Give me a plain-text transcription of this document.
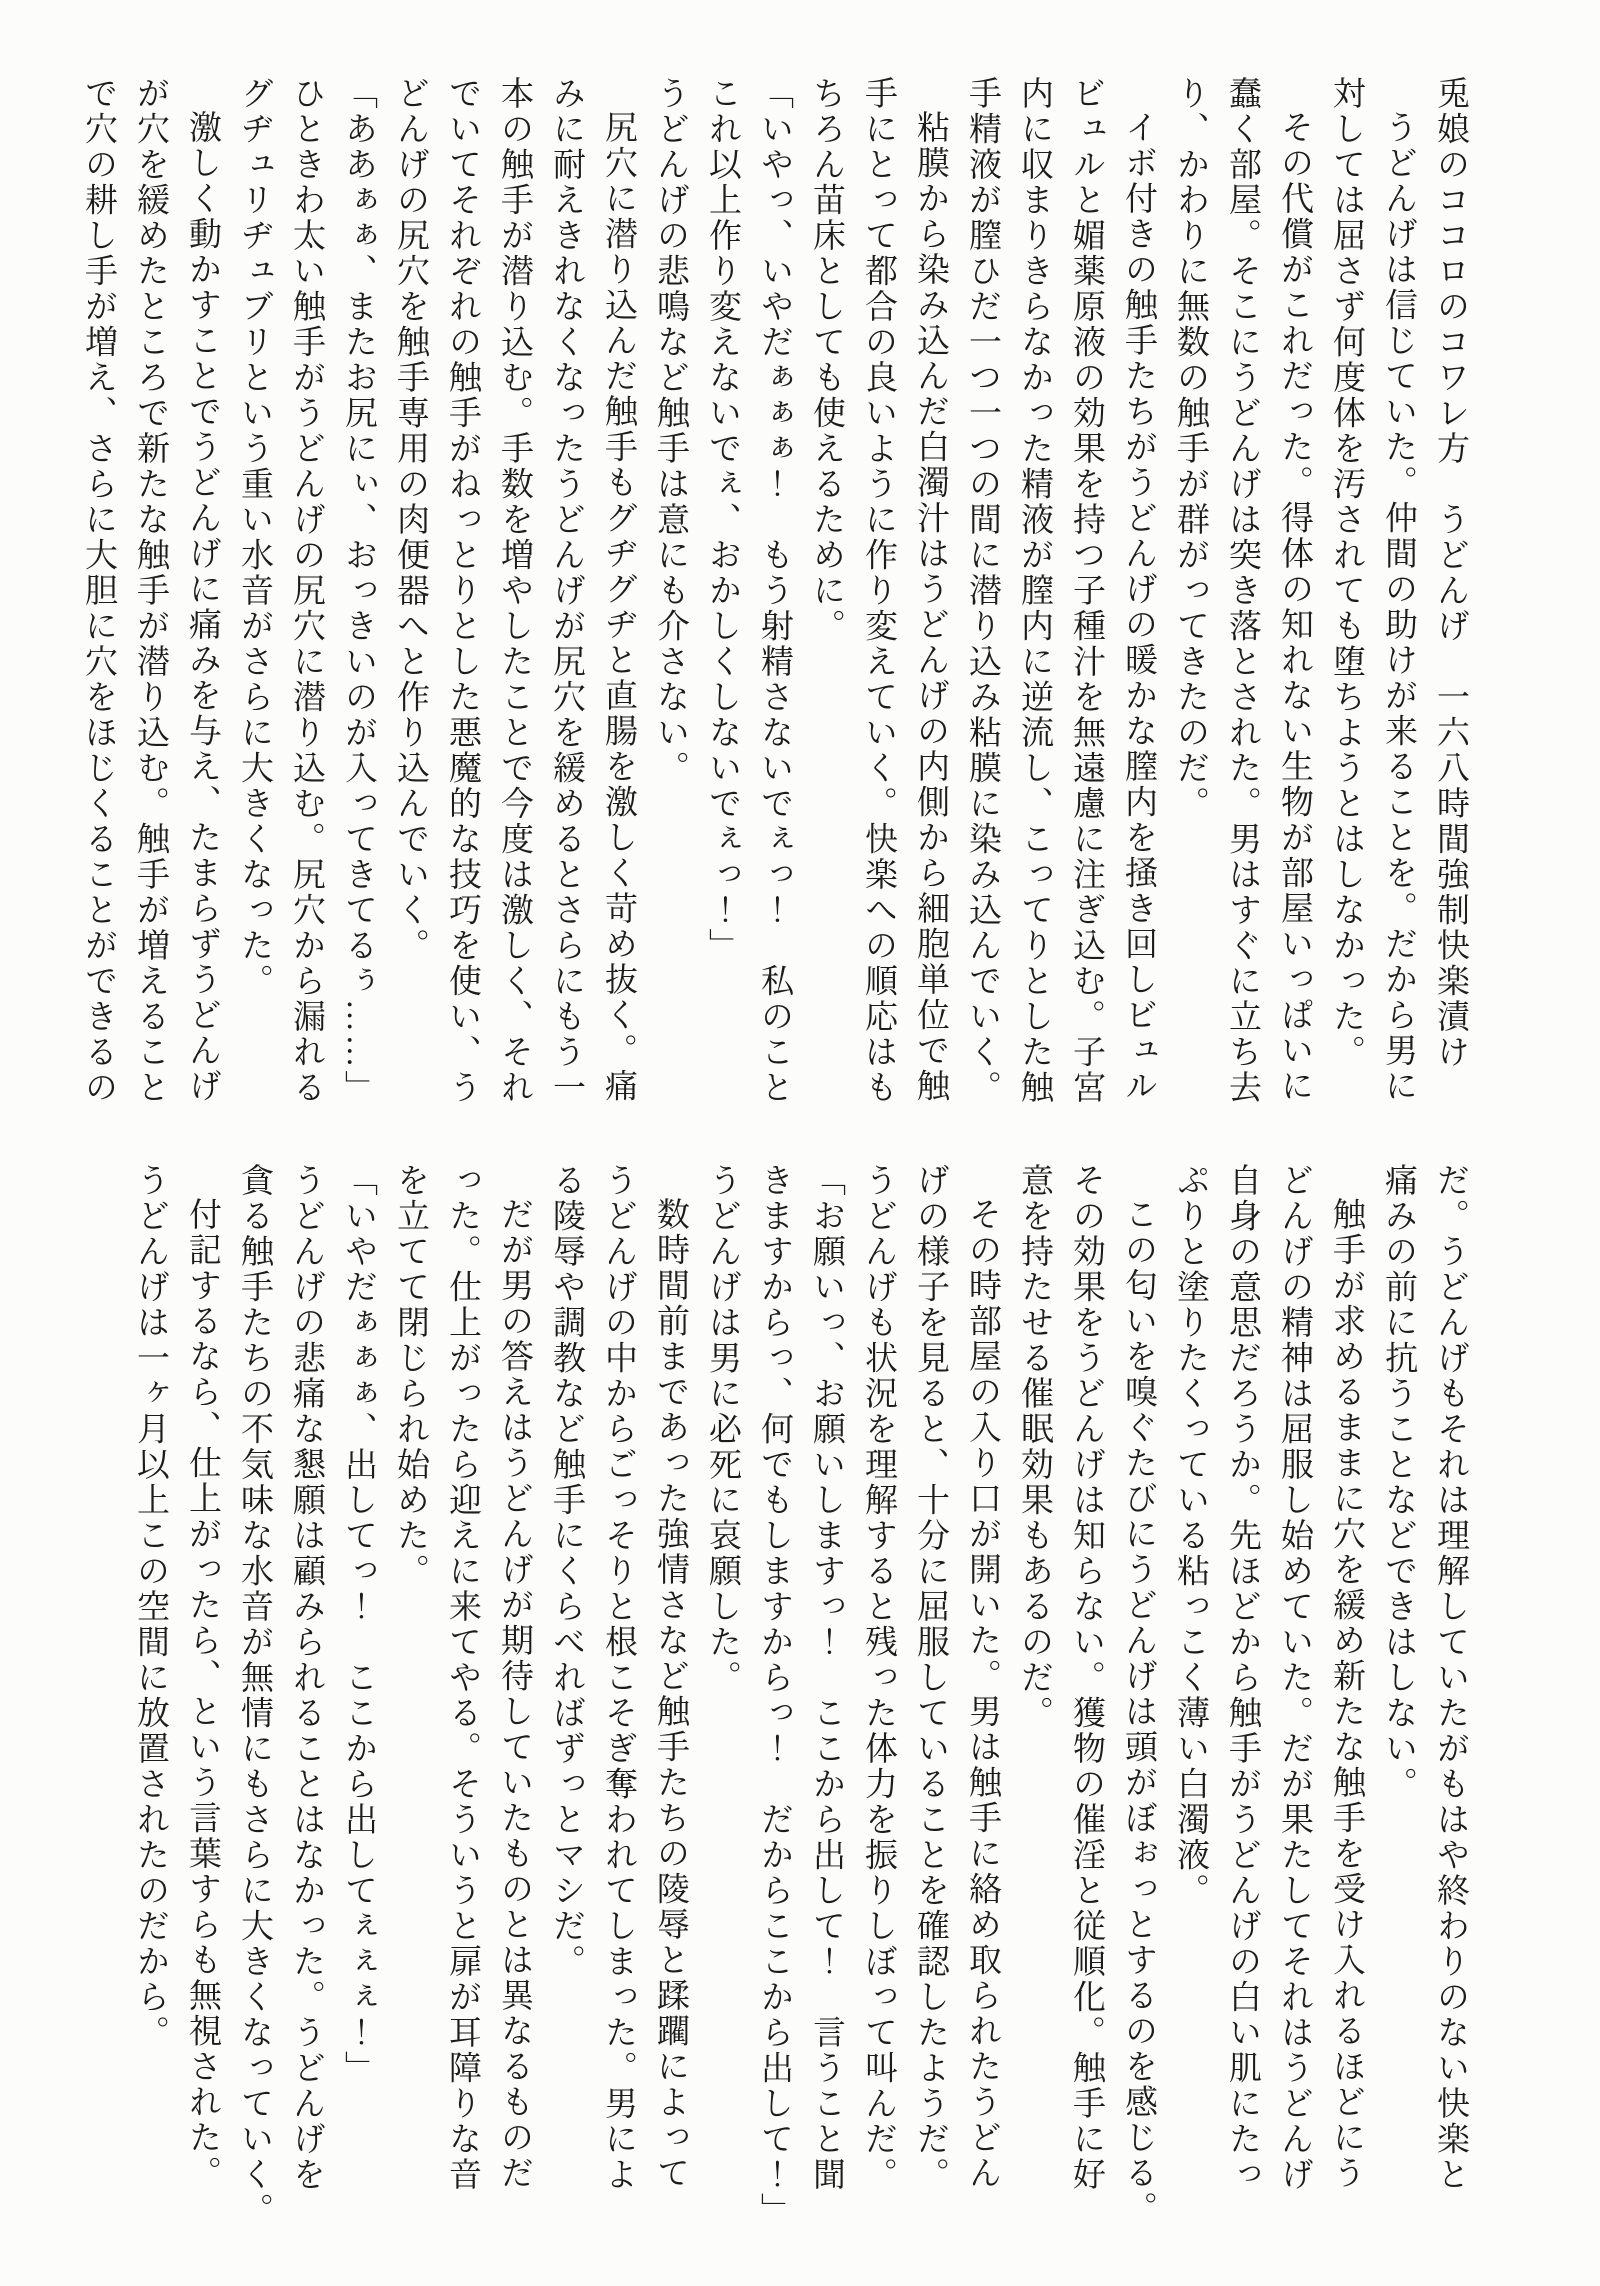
兎娘のココロのコワレ方　うどんげ　一六八時間強制快楽漬け
うどんげは信じていた。仲間の助けが来ることを。だから男に
対しては屈さず何度体を汚されても堕ちようとはしなかった。
その代償がこれだった。得体の知れない生物が部屋いっぱいに
蠢く部屋。そこにうどんげは突き落とされた。男はすぐに立ち去
り、かわりに無数の触手が群がってきたのだ。
イボ付きの触手たちがうどんげの暖かな膣内を掻き回しビュル
ビュルと媚薬原液の効果を持つ子種汁を無遠慮に注ぎ込む。子宮
内に収まりきらなかった精液が膣内に逆流し、こってりとした触
手精液が膣ひだ一つ一つの間に潜り込み粘膜に染み込んでいく。
粘膜から染み込んだ白濁汁はうどんげの内側から細胞単位で触
手にとって都合の良いように作り変えていく。快楽への順応はも
ちろん苗床としても使えるために。
「いやっ、いやだぁぁぁ！　もう射精さないでぇっ！　私のこと
これ以上作り変えないでぇ、おかしくしないでぇっ！」
うどんげの悲鳴など触手は意にも介さない。
尻穴に潜り込んだ触手もグヂグヂと直腸を激しく苛め抜く。痛
みに耐えきれなくなったうどんげが尻穴を緩めるとさらにもう一
本の触手が潜り込む。手数を増やしたことで今度は激しく、それ
でいてそれぞれの触手がねっとりとした悪魔的な技巧を使い、う
どんげの尻穴を触手専用の肉便器へと作り込んでいく。
「ああぁぁ、またお尻にぃ、おっきいのが入ってきてるぅ……」
ひときわ太い触手がうどんげの尻穴に潜り込む。尻穴から漏れる
グヂュリヂュブリという重い水音がさらに大きくなった。
激しく動かすことでうどんげに痛みを与え、たまらずうどんげ
が穴を緩めたところで新たな触手が潜り込む。触手が増えること
で穴の耕し手が増え、さらに大胆に穴をほじくることができるの
だ。うどんげもそれは理解していたがもはや終わりのない快楽と
痛みの前に抗うことなどできはしない。
触手が求めるままに穴を緩め新たな触手を受け入れるほどにう
どんげの精神は屈服し始めていた。だが果たしてそれはうどんげ
自身の意思だろうか。先ほどから触手がうどんげの白い肌にたっ
ぷりと塗りたくっている粘っこく薄い白濁液。
この匂いを嗅ぐたびにうどんげは頭がぼぉっとするのを感じる。
その効果をうどんげは知らない。獲物の催淫と従順化。触手に好
意を持たせる催眠効果もあるのだ。
その時部屋の入り口が開いた。男は触手に絡め取られたうどん
げの様子を見ると、十分に屈服していることを確認したようだ。
うどんげも状況を理解すると残った体力を振りしぼって叫んだ。
「お願いっ、お願いしますっ！　ここから出して！　言うこと聞
きますからっ、何でもしますからっ！　だからここから出して！」
うどんげは男に必死に哀願した。
数時間前まであった強情さなど触手たちの陵辱と蹂躙によって
うどんげの中からごっそりと根こそぎ奪われてしまった。男によ
る陵辱や調教など触手にくらべればずっとマシだ。
だが男の答えはうどんげが期待していたものとは異なるものだ
った。仕上がったら迎えに来てやる。そういうと扉が耳障りな音
を立てて閉じられ始めた。
「いやだぁぁぁ、出してっ！　ここから出してぇぇぇ！」
うどんげの悲痛な懇願は顧みられることはなかった。うどんげを
貪る触手たちの不気味な水音が無情にもさらに大きくなっていく。
付記するなら、仕上がったら、という言葉すらも無視された。
うどんげは一ヶ月以上この空間に放置されたのだから。
